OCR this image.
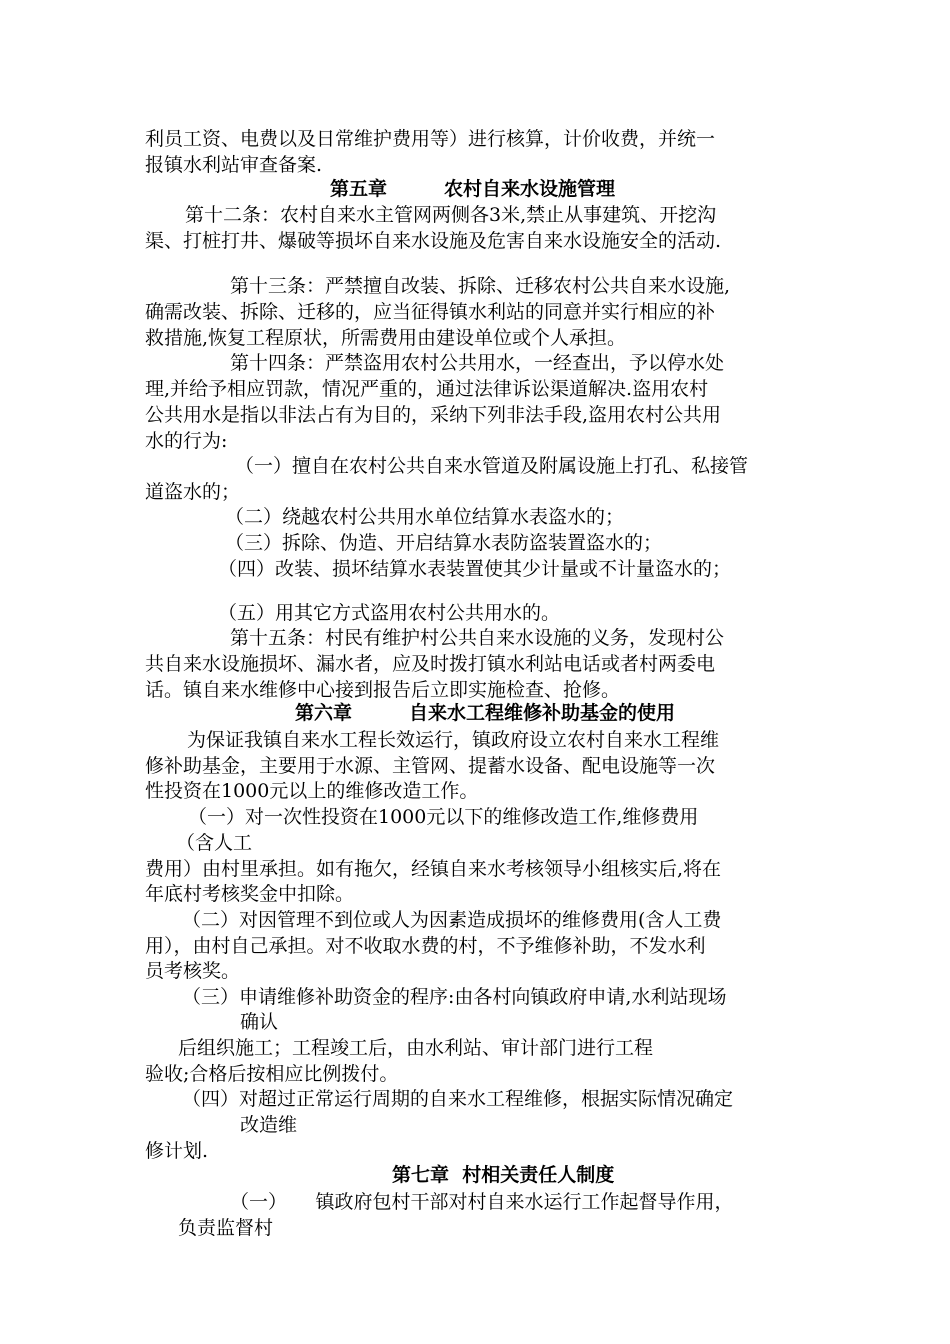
利员工资、电费以及日常维护费用等）进行核算，计价收费，并统一
报镇水利站审查备案.
第五章　　　农村自来水设施管理
第十二条：农村自来水主管网两侧各3米,禁止从事建筑、开挖沟
渠、打桩打井、爆破等损坏自来水设施及危害自来水设施安全的活动.
第十三条：严禁擅自改装、拆除、迁移农村公共自来水设施,
确需改装、拆除、迁移的，应当征得镇水利站的同意并实行相应的补
救措施,恢复工程原状，所需费用由建设单位或个人承担。
第十四条：严禁盗用农村公共用水，一经查出，予以停水处
理,并给予相应罚款，情况严重的，通过法律诉讼渠道解决.盗用农村
公共用水是指以非法占有为目的，采纳下列非法手段,盗用农村公共用
水的行为:
（一）擅自在农村公共自来水管道及附属设施上打孔、私接管
道盗水的；
（二）绕越农村公共用水单位结算水表盗水的；
（三）拆除、伪造、开启结算水表防盗装置盗水的；
（四）改装、损坏结算水表装置使其少计量或不计量盗水的；
（五）用其它方式盗用农村公共用水的。
第十五条：村民有维护村公共自来水设施的义务，发现村公
共自来水设施损坏、漏水者，应及时拨打镇水利站电话或者村两委电
话。镇自来水维修中心接到报告后立即实施检查、抢修。
第六章　　　自来水工程维修补助基金的使用
为保证我镇自来水工程长效运行，镇政府设立农村自来水工程维
修补助基金，主要用于水源、主管网、提蓄水设备、配电设施等一次
性投资在1000元以上的维修改造工作。
（一）对一次性投资在1000元以下的维修改造工作,维修费用
（含人工
费用）由村里承担。如有拖欠，经镇自来水考核领导小组核实后,将在
年底村考核奖金中扣除。
（二）对因管理不到位或人为因素造成损坏的维修费用(含人工费
用），由村自己承担。对不收取水费的村，不予维修补助，不发水利
员考核奖。
（三）申请维修补助资金的程序:由各村向镇政府申请,水利站现场
确认
后组织施工；工程竣工后，由水利站、审计部门进行工程
验收;合格后按相应比例拨付。
（四）对超过正常运行周期的自来水工程维修，根据实际情况确定
改造维
修计划.
第七章  村相关责任人制度
（一）　　镇政府包村干部对村自来水运行工作起督导作用，
负责监督村
